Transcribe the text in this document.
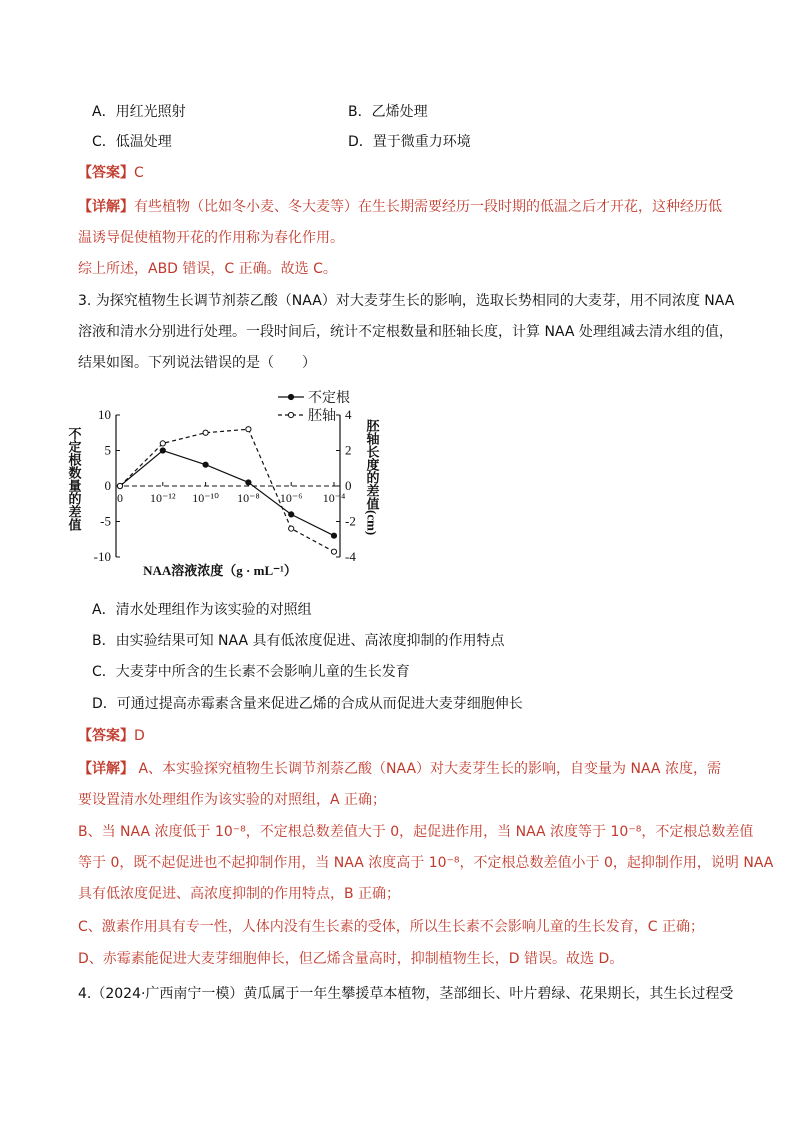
A．用红光照射	B．乙烯处理
C．低温处理	D．置于微重力环境
【答案】C
【详解】有些植物（比如冬小麦、冬大麦等）在生长期需要经历一段时期的低温之后才开花，这种经历低
温诱导促使植物开花的作用称为春化作用。
综上所述，ABD 错误，C 正确。故选 C。
3. 为探究植物生长调节剂萘乙酸（NAA）对大麦芽生长的影响，选取长势相同的大麦芽，用不同浓度 NAA
溶液和清水分别进行处理。一段时间后，统计不定根数量和胚轴长度，计算 NAA 处理组减去清水组的值，
结果如图。下列说法错误的是（　　）
10
5
0
-5
-10
4
2
0
-2
-4
0 10⁻¹² 10⁻¹⁰ 10⁻⁸ 10⁻⁶ 10⁻⁴
不定根
胚轴
NAA溶液浓度（g · mL⁻¹）
不定根数量的差值	胚轴长度的差值(cm)
A．清水处理组作为该实验的对照组
B．由实验结果可知 NAA 具有低浓度促进、高浓度抑制的作用特点
C．大麦芽中所含的生长素不会影响儿童的生长发育
D．可通过提高赤霉素含量来促进乙烯的合成从而促进大麦芽细胞伸长
【答案】D
【详解】 A、本实验探究植物生长调节剂萘乙酸（NAA）对大麦芽生长的影响，自变量为 NAA 浓度，需
要设置清水处理组作为该实验的对照组，A 正确；
B、当 NAA 浓度低于 10⁻⁸，不定根总数差值大于 0，起促进作用，当 NAA 浓度等于 10⁻⁸，不定根总数差值
等于 0，既不起促进也不起抑制作用，当 NAA 浓度高于 10⁻⁸，不定根总数差值小于 0，起抑制作用，说明 NAA
具有低浓度促进、高浓度抑制的作用特点，B 正确；
C、激素作用具有专一性，人体内没有生长素的受体，所以生长素不会影响儿童的生长发育，C 正确；
D、赤霉素能促进大麦芽细胞伸长，但乙烯含量高时，抑制植物生长，D 错误。故选 D。
4.（2024·广西南宁一模）黄瓜属于一年生攀援草本植物，茎部细长、叶片碧绿、花果期长，其生长过程受
